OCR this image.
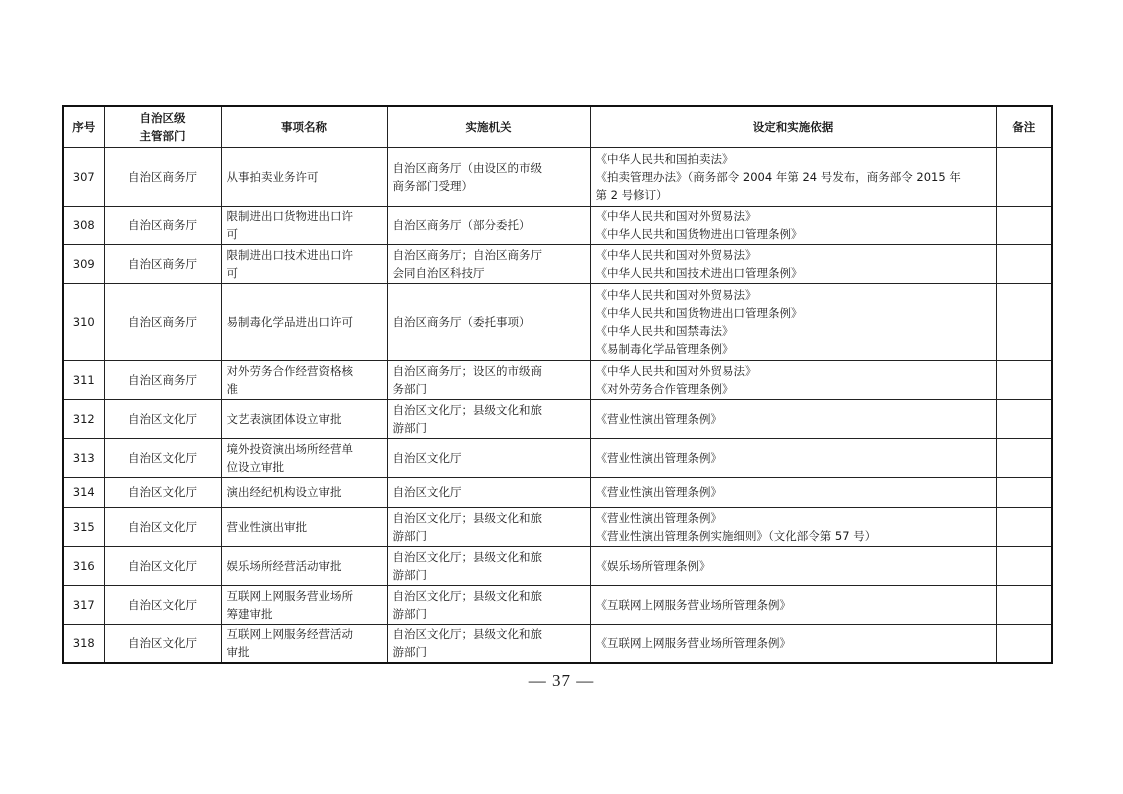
序号	自治区级
主管部门	事项名称	实施机关	设定和实施依据	备注
307	自治区商务厅	从事拍卖业务许可	自治区商务厅（由设区的市级
商务部门受理）	《中华人民共和国拍卖法》
《拍卖管理办法》（商务部令 2004 年第 24 号发布，商务部令 2015 年
第 2 号修订）	

308	自治区商务厅	限制进出口货物进出口许
可	自治区商务厅（部分委托）	《中华人民共和国对外贸易法》
《中华人民共和国货物进出口管理条例》	

309	自治区商务厅	限制进出口技术进出口许
可	自治区商务厅；自治区商务厅
会同自治区科技厅	《中华人民共和国对外贸易法》
《中华人民共和国技术进出口管理条例》	

310	自治区商务厅	易制毒化学品进出口许可	自治区商务厅（委托事项）	《中华人民共和国对外贸易法》
《中华人民共和国货物进出口管理条例》
《中华人民共和国禁毒法》
《易制毒化学品管理条例》	

311	自治区商务厅	对外劳务合作经营资格核
准	自治区商务厅；设区的市级商
务部门	《中华人民共和国对外贸易法》
《对外劳务合作管理条例》	

312	自治区文化厅	文艺表演团体设立审批	自治区文化厅；县级文化和旅
游部门	《营业性演出管理条例》	

313	自治区文化厅	境外投资演出场所经营单
位设立审批	自治区文化厅	《营业性演出管理条例》	

314	自治区文化厅	演出经纪机构设立审批	自治区文化厅	《营业性演出管理条例》	

315	自治区文化厅	营业性演出审批	自治区文化厅；县级文化和旅
游部门	《营业性演出管理条例》
《营业性演出管理条例实施细则》（文化部令第 57 号）	

316	自治区文化厅	娱乐场所经营活动审批	自治区文化厅；县级文化和旅
游部门	《娱乐场所管理条例》	

317	自治区文化厅	互联网上网服务营业场所
筹建审批	自治区文化厅；县级文化和旅
游部门	《互联网上网服务营业场所管理条例》	

318	自治区文化厅	互联网上网服务经营活动
审批	自治区文化厅；县级文化和旅
游部门	《互联网上网服务营业场所管理条例》	

— 37 —
